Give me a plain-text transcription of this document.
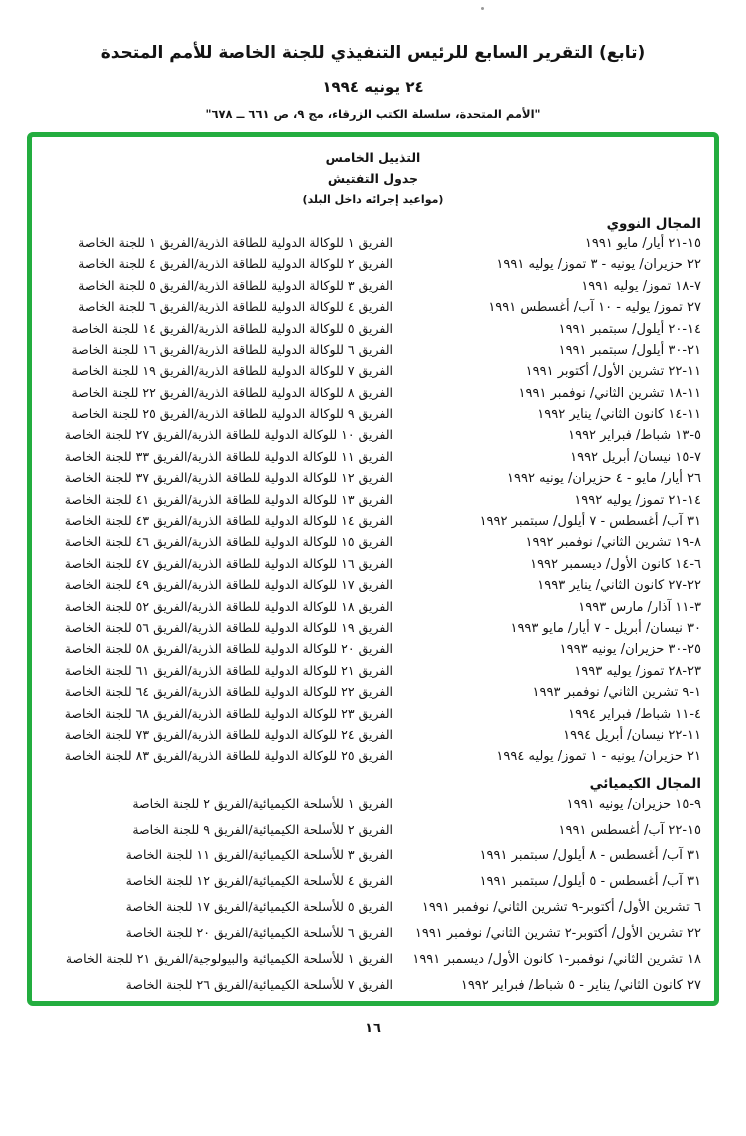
(تابع) التقرير السابع للرئيس التنفيذي للجنة الخاصة للأمم المتحدة
٢٤ يونيه ١٩٩٤
"الأمم المتحدة، سلسلة الكتب الزرقاء، مج ٩، ص ٦٦١ ــ ٦٧٨"
التذييل الخامس
جدول التفتيش
(مواعيد إجرائه داخل البلد)
المجال النووي
١٥-٢١ أيار/ مايو ١٩٩١
الفريق ١ للوكالة الدولية للطاقة الذرية/الفريق ١ للجنة الخاصة
٢٢ حزيران/ يونيه - ٣ تموز/ يوليه ١٩٩١
الفريق ٢ للوكالة الدولية للطاقة الذرية/الفريق ٤ للجنة الخاصة
٧-١٨ تموز/ يوليه ١٩٩١
الفريق ٣ للوكالة الدولية للطاقة الذرية/الفريق ٥ للجنة الخاصة
٢٧ تموز/ يوليه - ١٠ آب/ أغسطس ١٩٩١
الفريق ٤ للوكالة الدولية للطاقة الذرية/الفريق ٦ للجنة الخاصة
١٤-٢٠ أيلول/ سبتمبر ١٩٩١
الفريق ٥ للوكالة الدولية للطاقة الذرية/الفريق ١٤ للجنة الخاصة
٢١-٣٠ أيلول/ سبتمبر ١٩٩١
الفريق ٦ للوكالة الدولية للطاقة الذرية/الفريق ١٦ للجنة الخاصة
١١-٢٢ تشرين الأول/ أكتوبر ١٩٩١
الفريق ٧ للوكالة الدولية للطاقة الذرية/الفريق ١٩ للجنة الخاصة
١١-١٨ تشرين الثاني/ نوفمبر ١٩٩١
الفريق ٨ للوكالة الدولية للطاقة الذرية/الفريق ٢٢ للجنة الخاصة
١١-١٤ كانون الثاني/ يناير ١٩٩٢
الفريق ٩ للوكالة الدولية للطاقة الذرية/الفريق ٢٥ للجنة الخاصة
٥-١٣ شباط/ فبراير ١٩٩٢
الفريق ١٠ للوكالة الدولية للطاقة الذرية/الفريق ٢٧ للجنة الخاصة
٧-١٥ نيسان/ أبريل ١٩٩٢
الفريق ١١ للوكالة الدولية للطاقة الذرية/الفريق ٣٣ للجنة الخاصة
٢٦ أيار/ مايو - ٤ حزيران/ يونيه ١٩٩٢
الفريق ١٢ للوكالة الدولية للطاقة الذرية/الفريق ٣٧ للجنة الخاصة
١٤-٢١ تموز/ يوليه ١٩٩٢
الفريق ١٣ للوكالة الدولية للطاقة الذرية/الفريق ٤١ للجنة الخاصة
٣١ آب/ أغسطس - ٧ أيلول/ سبتمبر ١٩٩٢
الفريق ١٤ للوكالة الدولية للطاقة الذرية/الفريق ٤٣ للجنة الخاصة
٨-١٩ تشرين الثاني/ نوفمبر ١٩٩٢
الفريق ١٥ للوكالة الدولية للطاقة الذرية/الفريق ٤٦ للجنة الخاصة
٦-١٤ كانون الأول/ ديسمبر ١٩٩٢
الفريق ١٦ للوكالة الدولية للطاقة الذرية/الفريق ٤٧ للجنة الخاصة
٢٢-٢٧ كانون الثاني/ يناير ١٩٩٣
الفريق ١٧ للوكالة الدولية للطاقة الذرية/الفريق ٤٩ للجنة الخاصة
٣-١١ آذار/ مارس ١٩٩٣
الفريق ١٨ للوكالة الدولية للطاقة الذرية/الفريق ٥٢ للجنة الخاصة
٣٠ نيسان/ أبريل - ٧ أيار/ مايو ١٩٩٣
الفريق ١٩ للوكالة الدولية للطاقة الذرية/الفريق ٥٦ للجنة الخاصة
٢٥-٣٠ حزيران/ يونيه ١٩٩٣
الفريق ٢٠ للوكالة الدولية للطاقة الذرية/الفريق ٥٨ للجنة الخاصة
٢٣-٢٨ تموز/ يوليه ١٩٩٣
الفريق ٢١ للوكالة الدولية للطاقة الذرية/الفريق ٦١ للجنة الخاصة
١-٩ تشرين الثاني/ نوفمبر ١٩٩٣
الفريق ٢٢ للوكالة الدولية للطاقة الذرية/الفريق ٦٤ للجنة الخاصة
٤-١١ شباط/ فبراير ١٩٩٤
الفريق ٢٣ للوكالة الدولية للطاقة الذرية/الفريق ٦٨ للجنة الخاصة
١١-٢٢ نيسان/ أبريل ١٩٩٤
الفريق ٢٤ للوكالة الدولية للطاقة الذرية/الفريق ٧٣ للجنة الخاصة
٢١ حزيران/ يونيه - ١ تموز/ يوليه ١٩٩٤
الفريق ٢٥ للوكالة الدولية للطاقة الذرية/الفريق ٨٣ للجنة الخاصة
المجال الكيميائي
٩-١٥ حزيران/ يونيه ١٩٩١
الفريق ١ للأسلحة الكيميائية/الفريق ٢ للجنة الخاصة
١٥-٢٢ آب/ أغسطس ١٩٩١
الفريق ٢ للأسلحة الكيميائية/الفريق ٩ للجنة الخاصة
٣١ آب/ أغسطس - ٨ أيلول/ سبتمبر ١٩٩١
الفريق ٣ للأسلحة الكيميائية/الفريق ١١ للجنة الخاصة
٣١ آب/ أغسطس - ٥ أيلول/ سبتمبر ١٩٩١
الفريق ٤ للأسلحة الكيميائية/الفريق ١٢ للجنة الخاصة
٦ تشرين الأول/ أكتوبر-٩ تشرين الثاني/ نوفمبر ١٩٩١
الفريق ٥ للأسلحة الكيميائية/الفريق ١٧ للجنة الخاصة
٢٢ تشرين الأول/ أكتوبر-٢ تشرين الثاني/ نوفمبر ١٩٩١
الفريق ٦ للأسلحة الكيميائية/الفريق ٢٠ للجنة الخاصة
١٨ تشرين الثاني/ نوفمبر-١ كانون الأول/ ديسمبر ١٩٩١
الفريق ١ للأسلحة الكيميائية والبيولوجية/الفريق ٢١ للجنة الخاصة
٢٧ كانون الثاني/ يناير - ٥ شباط/ فبراير ١٩٩٢
الفريق ٧ للأسلحة الكيميائية/الفريق ٢٦ للجنة الخاصة
١٦
